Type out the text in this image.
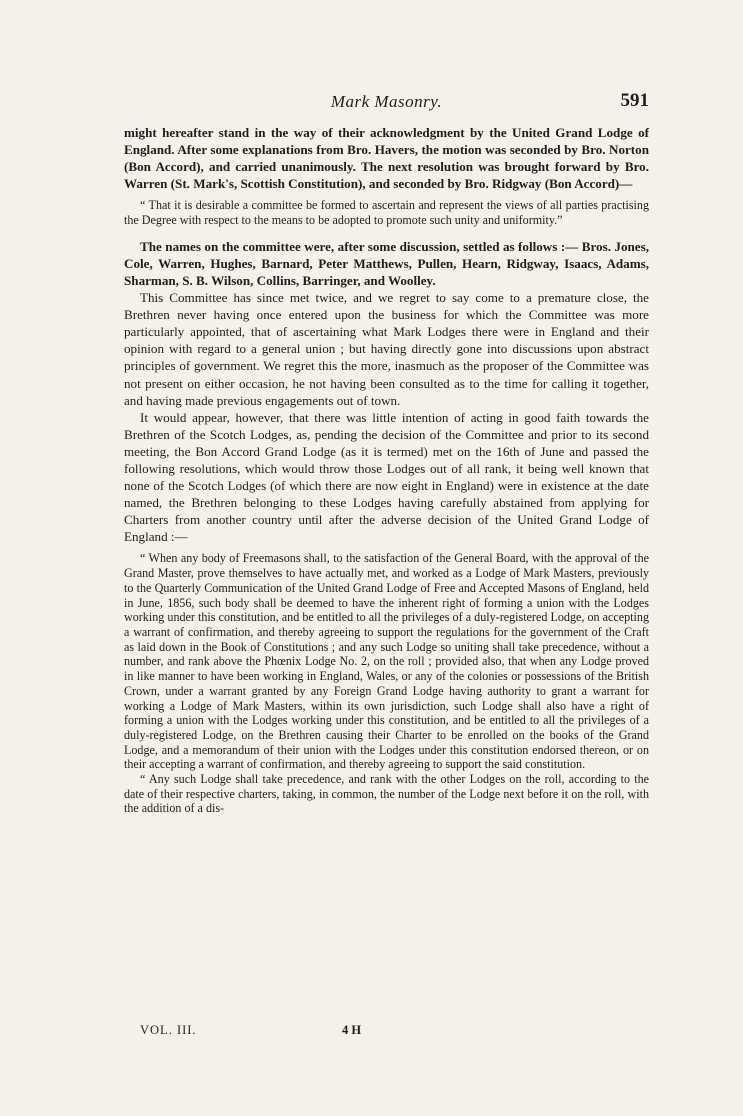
Mark Masonry.	591

might hereafter stand in the way of their acknowledgment by the United Grand Lodge of England. After some explanations from Bro. Havers, the motion was seconded by Bro. Norton (Bon Accord), and carried unanimously. The next resolution was brought forward by Bro. Warren (St. Mark's, Scottish Constitution), and seconded by Bro. Ridgway (Bon Accord)—

“ That it is desirable a committee be formed to ascertain and represent the views of all parties practising the Degree with respect to the means to be adopted to promote such unity and uniformity.”

The names on the committee were, after some discussion, settled as follows :— Bros. Jones, Cole, Warren, Hughes, Barnard, Peter Matthews, Pullen, Hearn, Ridgway, Isaacs, Adams, Sharman, S. B. Wilson, Collins, Barringer, and Woolley.

This Committee has since met twice, and we regret to say come to a premature close, the Brethren never having once entered upon the business for which the Committee was more particularly appointed, that of ascertaining what Mark Lodges there were in England and their opinion with regard to a general union ; but having directly gone into discussions upon abstract principles of government. We regret this the more, inasmuch as the proposer of the Committee was not present on either occasion, he not having been consulted as to the time for calling it together, and having made previous engagements out of town.

It would appear, however, that there was little intention of acting in good faith towards the Brethren of the Scotch Lodges, as, pending the decision of the Committee and prior to its second meeting, the Bon Accord Grand Lodge (as it is termed) met on the 16th of June and passed the following resolutions, which would throw those Lodges out of all rank, it being well known that none of the Scotch Lodges (of which there are now eight in England) were in existence at the date named, the Brethren belonging to these Lodges having carefully abstained from applying for Charters from another country until after the adverse decision of the United Grand Lodge of England :—

“ When any body of Freemasons shall, to the satisfaction of the General Board, with the approval of the Grand Master, prove themselves to have actually met, and worked as a Lodge of Mark Masters, previously to the Quarterly Communication of the United Grand Lodge of Free and Accepted Masons of England, held in June, 1856, such body shall be deemed to have the inherent right of forming a union with the Lodges working under this constitution, and be entitled to all the privileges of a duly-registered Lodge, on accepting a warrant of confirmation, and thereby agreeing to support the regulations for the government of the Craft as laid down in the Book of Constitutions ; and any such Lodge so uniting shall take precedence, without a number, and rank above the Phœnix Lodge No. 2, on the roll ; provided also, that when any Lodge proved in like manner to have been working in England, Wales, or any of the colonies or possessions of the British Crown, under a warrant granted by any Foreign Grand Lodge having authority to grant a warrant for working a Lodge of Mark Masters, within its own jurisdiction, such Lodge shall also have a right of forming a union with the Lodges working under this constitution, and be entitled to all the privileges of a duly-registered Lodge, on the Brethren causing their Charter to be enrolled on the books of the Grand Lodge, and a memorandum of their union with the Lodges under this constitution endorsed thereon, or on their accepting a warrant of confirmation, and thereby agreeing to support the said constitution.

“ Any such Lodge shall take precedence, and rank with the other Lodges on the roll, according to the date of their respective charters, taking, in common, the number of the Lodge next before it on the roll, with the addition of a dis-

VOL. III.	4 H
